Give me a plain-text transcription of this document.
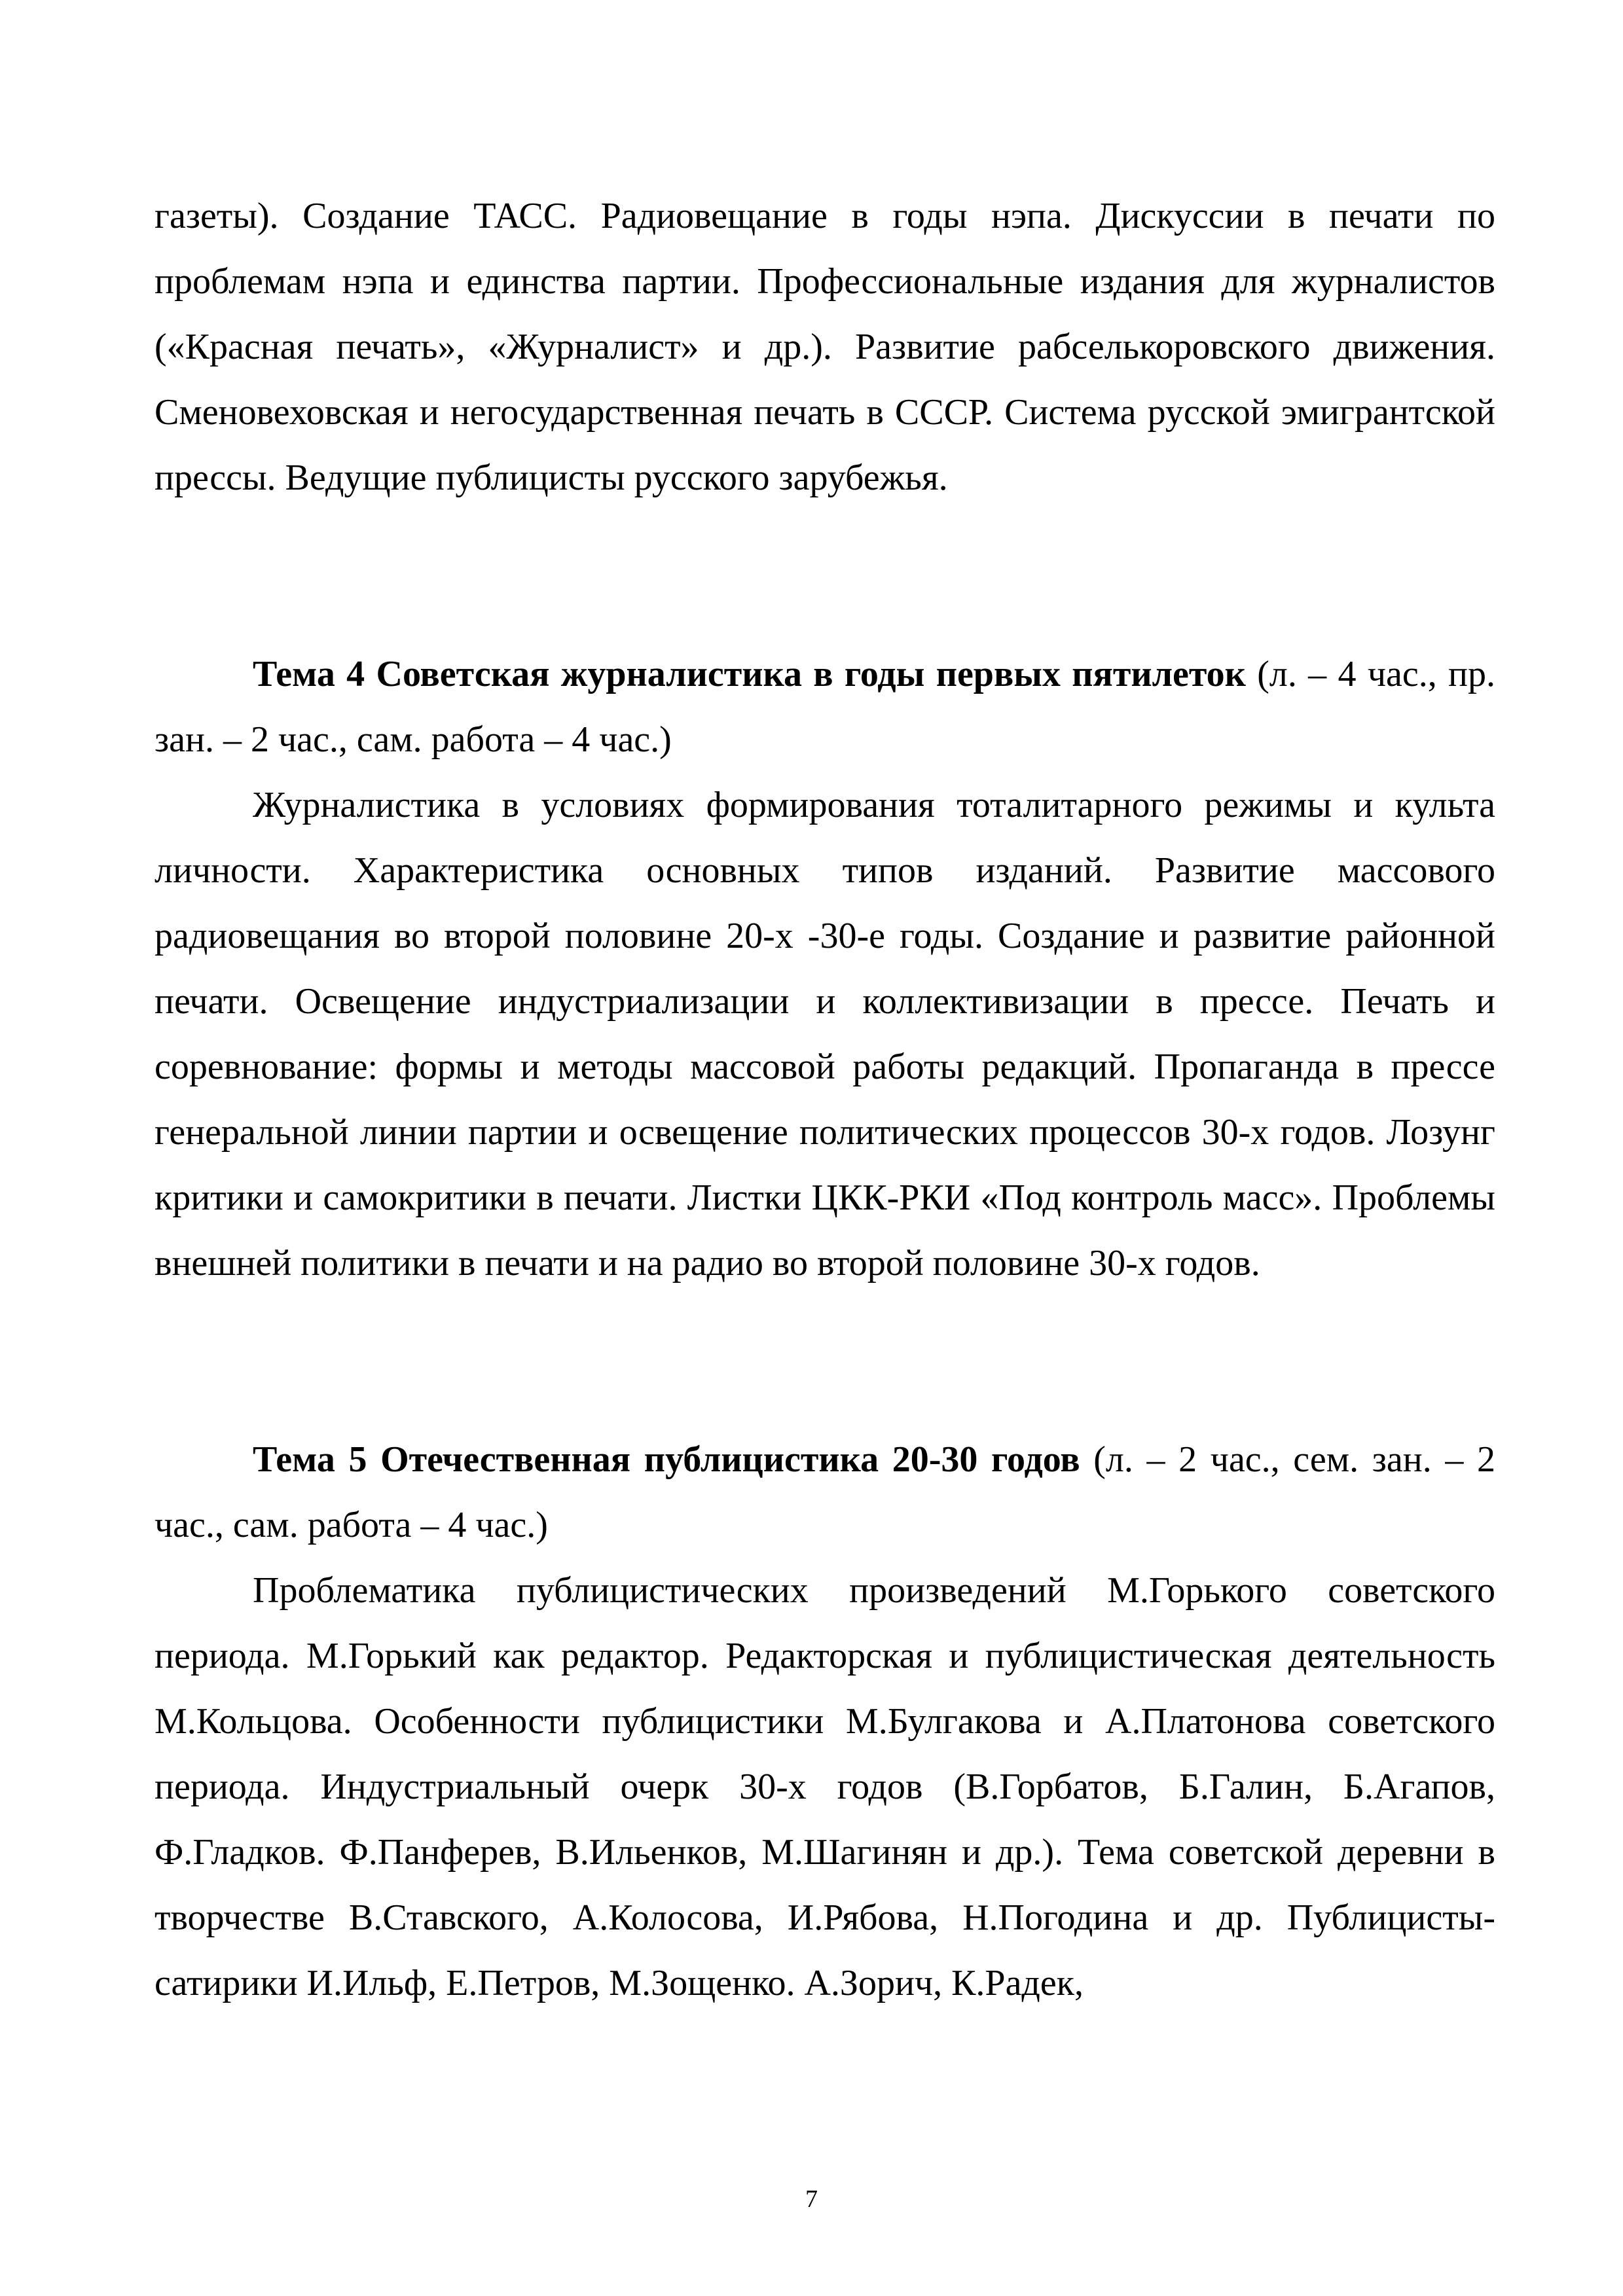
газеты). Создание ТАСС. Радиовещание в годы нэпа. Дискуссии в печати по проблемам нэпа и единства партии. Профессиональные издания для журналистов («Красная печать», «Журналист» и др.). Развитие рабселькоровского движения. Сменовеховская и негосударственная печать в СССР. Система русской эмигрантской прессы. Ведущие публицисты русского зарубежья.

Тема 4 Советская журналистика в годы первых пятилеток (л. – 4 час., пр. зан. – 2 час., сам. работа – 4 час.)

Журналистика в условиях формирования тоталитарного режимы и культа личности. Характеристика основных типов изданий. Развитие массового радиовещания во второй половине 20-х -30-е годы. Создание и развитие районной печати. Освещение индустриализации и коллективизации в прессе. Печать и соревнование: формы и методы массовой работы редакций. Пропаганда в прессе генеральной линии партии и освещение политических процессов 30-х годов. Лозунг критики и самокритики в печати. Листки ЦКК-РКИ «Под контроль масс». Проблемы внешней политики в печати и на радио во второй половине 30-х годов.

Тема 5 Отечественная публицистика 20-30 годов (л. – 2 час., сем. зан. – 2 час., сам. работа – 4 час.)

Проблематика публицистических произведений М.Горького советского периода. М.Горький как редактор. Редакторская и публицистическая деятельность М.Кольцова. Особенности публицистики М.Булгакова и А.Платонова советского периода. Индустриальный очерк 30-х годов (В.Горбатов, Б.Галин, Б.Агапов, Ф.Гладков. Ф.Панферев, В.Ильенков, М.Шагинян и др.). Тема советской деревни в творчестве В.Ставского, А.Колосова, И.Рябова, Н.Погодина и др. Публицисты-сатирики И.Ильф, Е.Петров, М.Зощенко. А.Зорич, К.Радек,

7
